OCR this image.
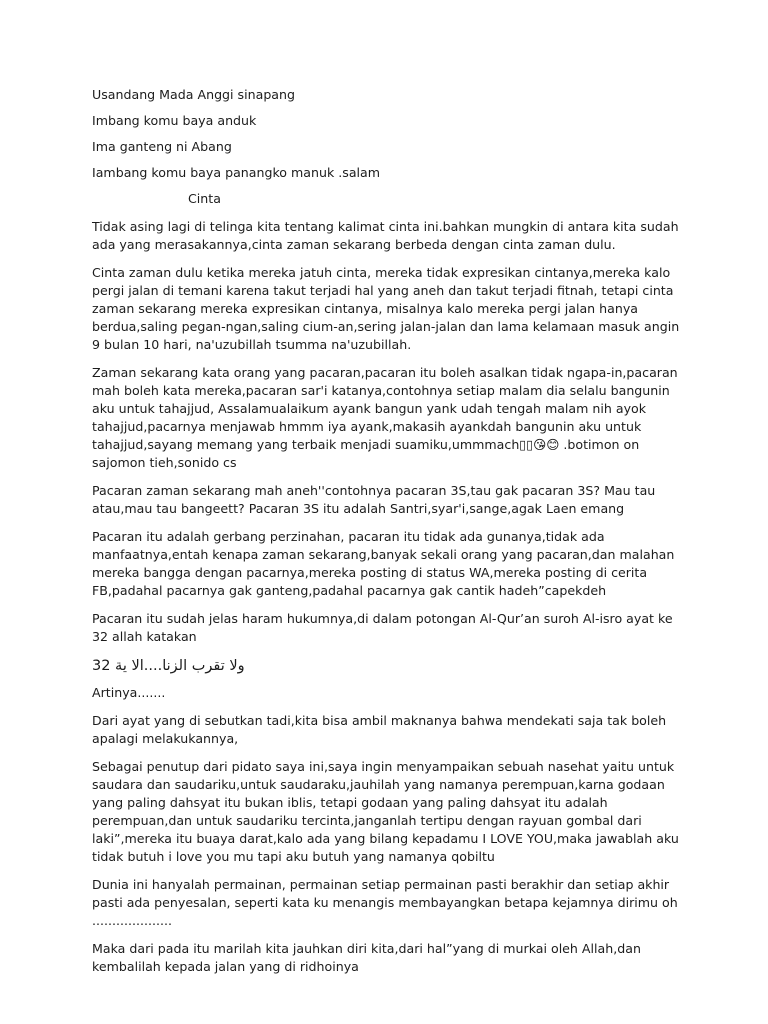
Usandang Mada Anggi sinapang

Imbang komu baya anduk

Ima ganteng ni Abang

Iambang komu baya panangko manuk .salam

Cinta

Tidak asing lagi di telinga kita tentang kalimat cinta ini.bahkan mungkin di antara kita sudah ada yang merasakannya,cinta zaman sekarang berbeda dengan cinta zaman dulu.

Cinta zaman dulu ketika mereka jatuh cinta, mereka tidak expresikan cintanya,mereka kalo pergi jalan di temani karena takut terjadi hal yang aneh dan takut terjadi fitnah, tetapi cinta zaman sekarang mereka expresikan cintanya, misalnya kalo mereka pergi jalan hanya berdua,saling pegan-ngan,saling cium-an,sering jalan-jalan dan lama kelamaan masuk angin 9 bulan 10 hari, na'uzubillah tsumma na'uzubillah.

Zaman sekarang kata orang yang pacaran,pacaran itu boleh asalkan tidak ngapa-in,pacaran mah boleh kata mereka,pacaran sar'i katanya,contohnya setiap malam dia selalu bangunin aku untuk tahajjud, Assalamualaikum ayank bangun yank udah tengah malam nih ayok tahajjud,pacarnya menjawab hmmm iya ayank,makasih ayankdah bangunin aku untuk tahajjud,sayang memang yang terbaik menjadi suamiku,ummmach▯▯😘😊 .botimon on sajomon tieh,sonido cs

Pacaran zaman sekarang mah aneh''contohnya pacaran 3S,tau gak pacaran 3S? Mau tau atau,mau tau bangeett? Pacaran 3S itu adalah Santri,syar'i,sange,agak Laen emang

Pacaran itu adalah gerbang perzinahan, pacaran itu tidak ada gunanya,tidak ada manfaatnya,entah kenapa zaman sekarang,banyak sekali orang yang pacaran,dan malahan mereka bangga dengan pacarnya,mereka posting di status WA,mereka posting di cerita FB,padahal pacarnya gak ganteng,padahal pacarnya gak cantik hadeh”capekdeh

Pacaran itu sudah jelas haram hukumnya,di dalam potongan Al-Qur’an suroh Al-isro ayat ke 32 allah katakan

ولا تقرب الزنا....الا ية 32

Artinya.......

Dari ayat yang di sebutkan tadi,kita bisa ambil maknanya bahwa mendekati saja tak boleh apalagi melakukannya,

Sebagai penutup dari pidato saya ini,saya ingin menyampaikan sebuah nasehat yaitu untuk saudara dan saudariku,untuk saudaraku,jauhilah yang namanya perempuan,karna godaan yang paling dahsyat itu bukan iblis, tetapi godaan yang paling dahsyat itu adalah perempuan,dan untuk saudariku tercinta,janganlah tertipu dengan rayuan gombal dari laki”,mereka itu buaya darat,kalo ada yang bilang kepadamu I LOVE YOU,maka jawablah aku tidak butuh i love you mu tapi aku butuh yang namanya qobiltu

Dunia ini hanyalah permainan, permainan setiap permainan pasti berakhir dan setiap akhir pasti ada penyesalan, seperti kata ku menangis membayangkan betapa kejamnya dirimu oh ....................

Maka dari pada itu marilah kita jauhkan diri kita,dari hal”yang di murkai oleh Allah,dan kembalilah kepada jalan yang di ridhoinya
